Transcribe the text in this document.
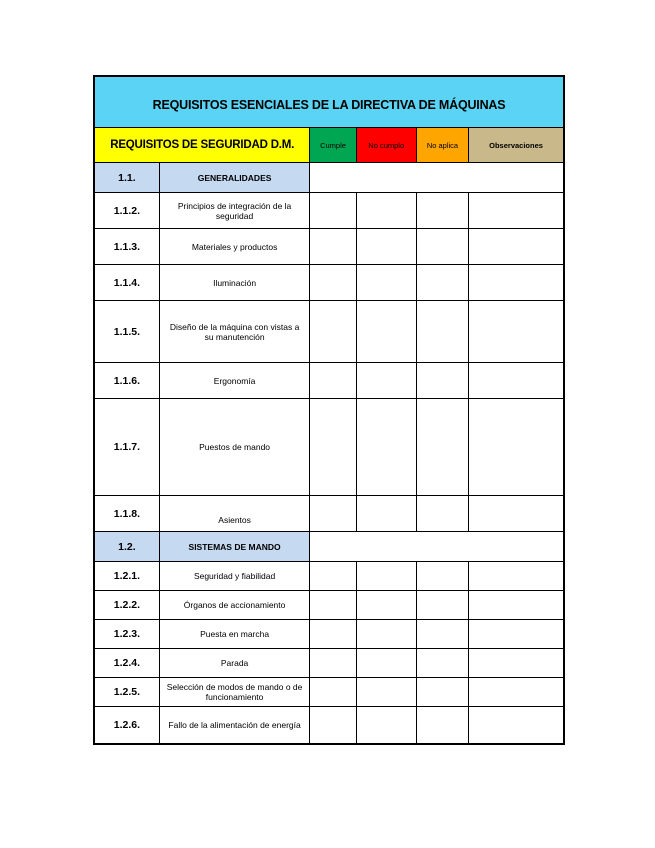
REQUISITOS ESENCIALES DE LA DIRECTIVA DE MÁQUINAS					
REQUISITOS DE SEGURIDAD D.M.		Cumple	No cumplo	No aplica	Observaciones
1.1.	GENERALIDADES				
1.1.2.	Principios de integración de la seguridad				
1.1.3.	Materiales y productos				
1.1.4.	Iluminación				
1.1.5.	Diseño de la máquina con vistas a su manutención				
1.1.6.	Ergonomía				
1.1.7.	Puestos de mando				
1.1.8.	Asientos				
1.2.	SISTEMAS DE MANDO				
1.2.1.	Seguridad y fiabilidad				
1.2.2.	Órganos de accionamiento				
1.2.3.	Puesta en marcha				
1.2.4.	Parada				
1.2.5.	Selección de modos de mando o de funcionamiento				
1.2.6.	Fallo de la alimentación de energía				
